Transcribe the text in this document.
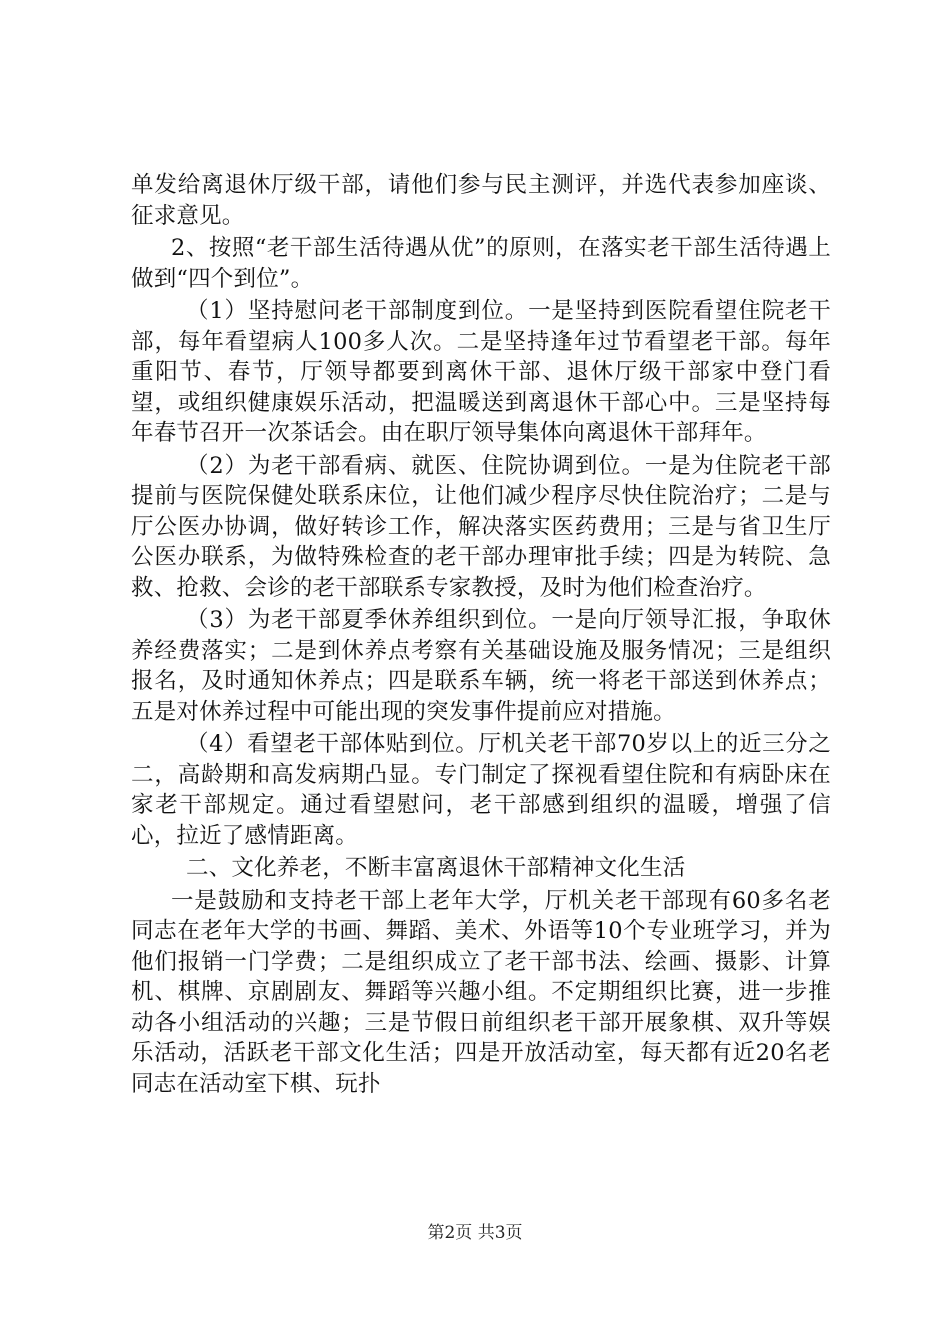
单发给离退休厅级干部，请他们参与民主测评，并选代表参加座谈、征求意见。

2、按照“老干部生活待遇从优”的原则，在落实老干部生活待遇上做到“四个到位”。

（1）坚持慰问老干部制度到位。一是坚持到医院看望住院老干部，每年看望病人100多人次。二是坚持逢年过节看望老干部。每年重阳节、春节，厅领导都要到离休干部、退休厅级干部家中登门看望，或组织健康娱乐活动，把温暖送到离退休干部心中。三是坚持每年春节召开一次茶话会。由在职厅领导集体向离退休干部拜年。

（2）为老干部看病、就医、住院协调到位。一是为住院老干部提前与医院保健处联系床位，让他们减少程序尽快住院治疗；二是与厅公医办协调，做好转诊工作，解决落实医药费用；三是与省卫生厅公医办联系，为做特殊检查的老干部办理审批手续；四是为转院、急救、抢救、会诊的老干部联系专家教授，及时为他们检查治疗。

（3）为老干部夏季休养组织到位。一是向厅领导汇报，争取休养经费落实；二是到休养点考察有关基础设施及服务情况；三是组织报名，及时通知休养点；四是联系车辆，统一将老干部送到休养点；五是对休养过程中可能出现的突发事件提前应对措施。

（4）看望老干部体贴到位。厅机关老干部70岁以上的近三分之二，高龄期和高发病期凸显。专门制定了探视看望住院和有病卧床在家老干部规定。通过看望慰问，老干部感到组织的温暖，增强了信心，拉近了感情距离。

二、文化养老，不断丰富离退休干部精神文化生活

一是鼓励和支持老干部上老年大学，厅机关老干部现有60多名老同志在老年大学的书画、舞蹈、美术、外语等10个专业班学习，并为他们报销一门学费；二是组织成立了老干部书法、绘画、摄影、计算机、棋牌、京剧剧友、舞蹈等兴趣小组。不定期组织比赛，进一步推动各小组活动的兴趣；三是节假日前组织老干部开展象棋、双升等娱乐活动，活跃老干部文化生活；四是开放活动室，每天都有近20名老同志在活动室下棋、玩扑

第2页 共3页
